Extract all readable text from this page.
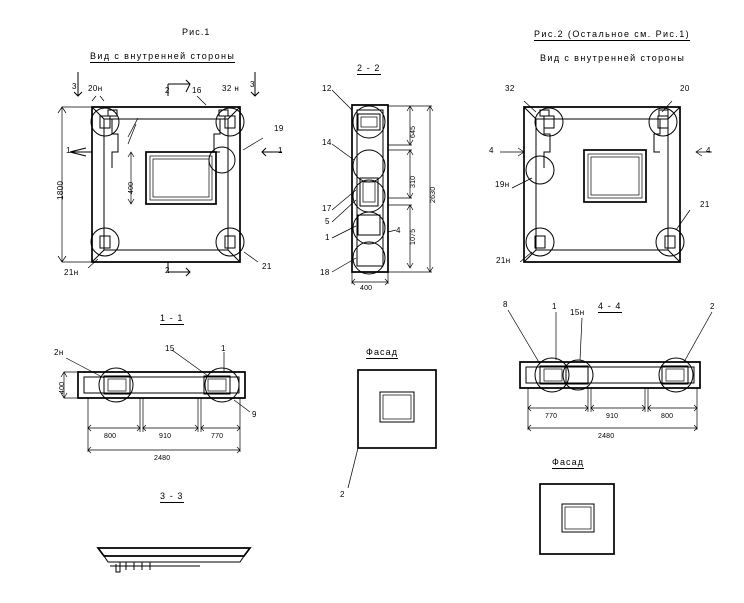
Рис.1
Вид с внутренней стороны
3	3
20н	16	32 н
2
2
19
1	1
21н
21
1800	400
2 - 2
12
14
17
5
1
4
18
645
310
1075
2630
400
Рис.2 (Остальное см. Рис.1)
Вид с внутренней стороны
32	20
4	4
19н
21
21н
1 - 1
2н	15	1
9
400
800	910	770
2480
4 - 4
8	1
15н
2
770	910	800
2480
Фасад
2
Фасад
3 - 3
